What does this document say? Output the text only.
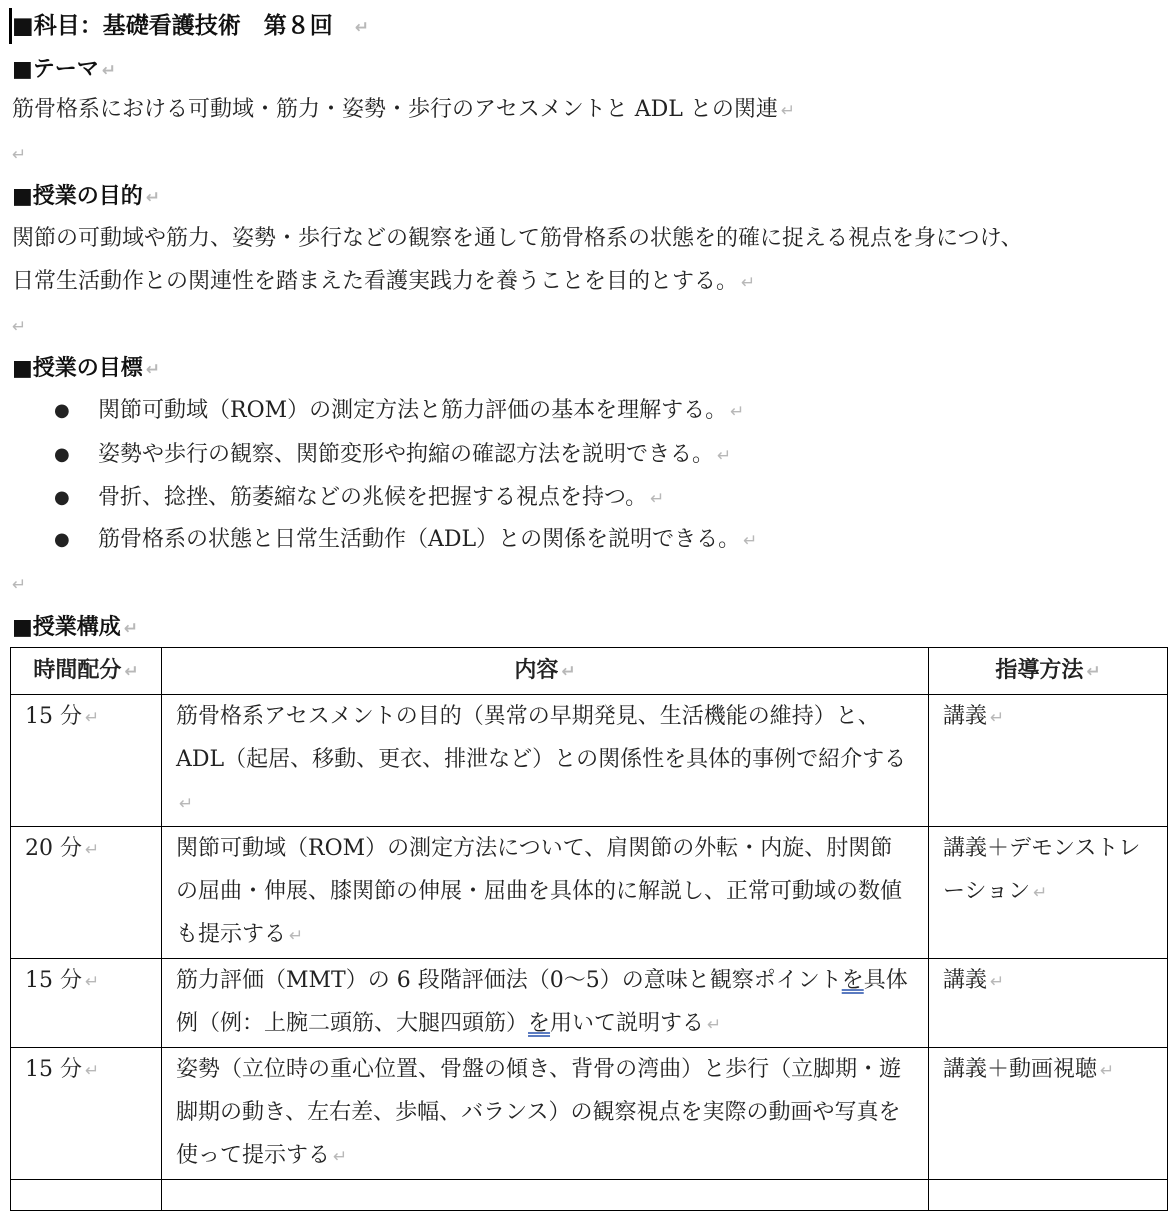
■科目：基礎看護技術　第８回 ↵
■テーマ ↵
筋骨格系における可動域・筋力・姿勢・歩行のアセスメントと ADL との関連 ↵
↵
■授業の目的 ↵
関節の可動域や筋力、姿勢・歩行などの観察を通して筋骨格系の状態を的確に捉える視点を身につけ、
日常生活動作との関連性を踏まえた看護実践力を養うことを目的とする。 ↵
↵
■授業の目標 ↵
● 関節可動域（ROM）の測定方法と筋力評価の基本を理解する。 ↵
● 姿勢や歩行の観察、関節変形や拘縮の確認方法を説明できる。 ↵
● 骨折、捻挫、筋萎縮などの兆候を把握する視点を持つ。 ↵
● 筋骨格系の状態と日常生活動作（ADL）との関係を説明できる。 ↵
↵
■授業構成 ↵
時間配分 ↵	内容 ↵	指導方法 ↵
15 分 ↵	筋骨格系アセスメントの目的（異常の早期発見、生活機能の維持）と、ADL（起居、移動、更衣、排泄など）との関係性を具体的事例で紹介する↵	講義 ↵
20 分 ↵	関節可動域（ROM）の測定方法について、肩関節の外転・内旋、肘関節の屈曲・伸展、膝関節の伸展・屈曲を具体的に解説し、正常可動域の数値も提示する ↵	講義＋デモンストレーション ↵
15 分 ↵	筋力評価（MMT）の 6 段階評価法（0〜5）の意味と観察ポイントを具体例（例：上腕二頭筋、大腿四頭筋）を用いて説明する ↵	講義 ↵
15 分 ↵	姿勢（立位時の重心位置、骨盤の傾き、背骨の湾曲）と歩行（立脚期・遊脚期の動き、左右差、歩幅、バランス）の観察視点を実際の動画や写真を使って提示する ↵	講義＋動画視聴 ↵
